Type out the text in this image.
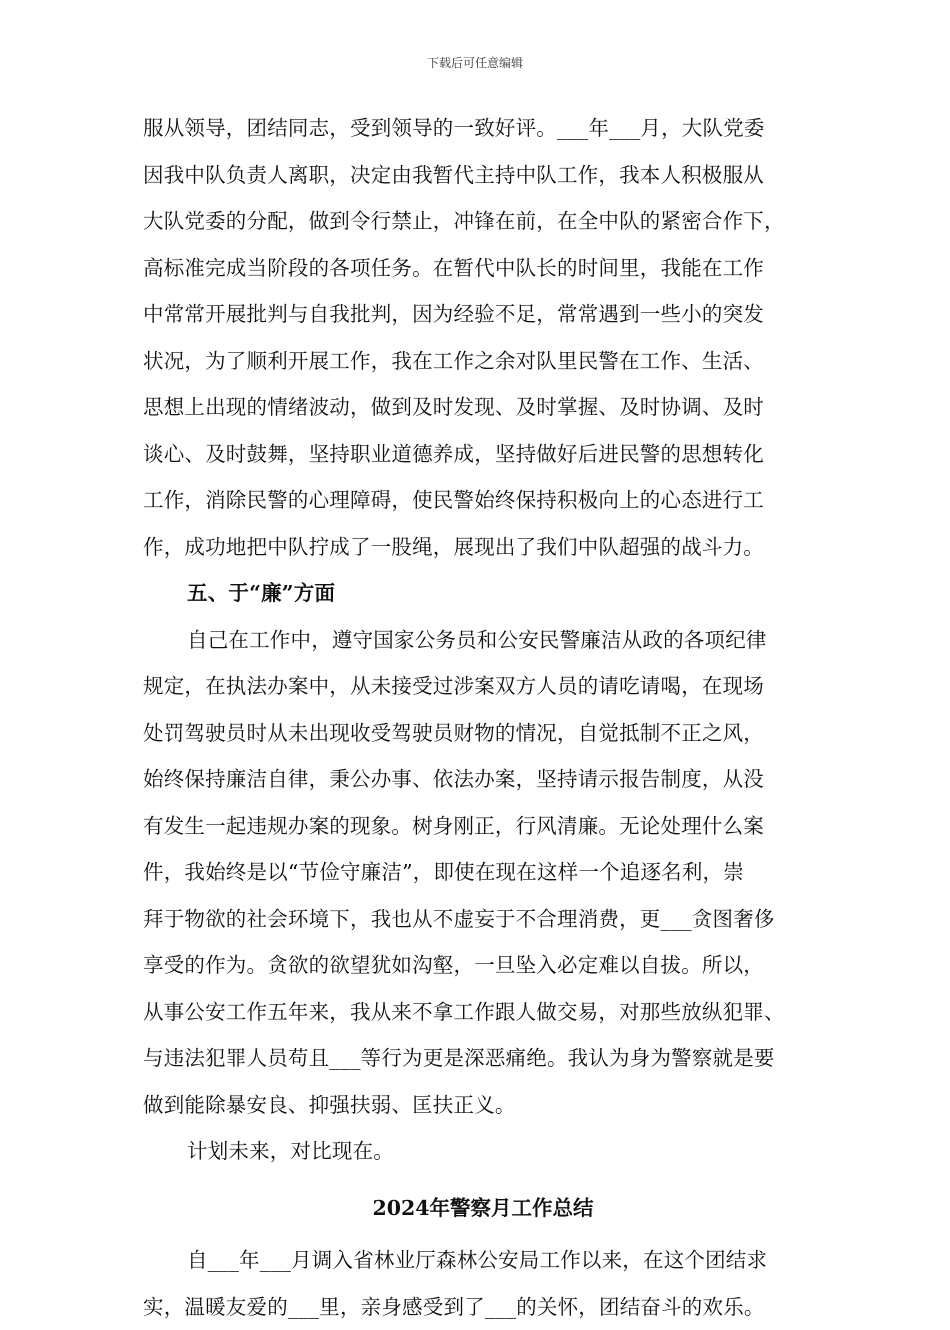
下载后可任意编辑
服从领导，团结同志，受到领导的一致好评。___年___月，大队党委
因我中队负责人离职，决定由我暂代主持中队工作，我本人积极服从
大队党委的分配，做到令行禁止，冲锋在前，在全中队的紧密合作下，
高标准完成当阶段的各项任务。在暂代中队长的时间里，我能在工作
中常常开展批判与自我批判，因为经验不足，常常遇到一些小的突发
状况，为了顺利开展工作，我在工作之余对队里民警在工作、生活、
思想上出现的情绪波动，做到及时发现、及时掌握、及时协调、及时
谈心、及时鼓舞，坚持职业道德养成，坚持做好后进民警的思想转化
工作，消除民警的心理障碍，使民警始终保持积极向上的心态进行工
作，成功地把中队拧成了一股绳，展现出了我们中队超强的战斗力。
五、于“廉”方面
自己在工作中，遵守国家公务员和公安民警廉洁从政的各项纪律
规定，在执法办案中，从未接受过涉案双方人员的请吃请喝，在现场
处罚驾驶员时从未出现收受驾驶员财物的情况，自觉抵制不正之风，
始终保持廉洁自律，秉公办事、依法办案，坚持请示报告制度，从没
有发生一起违规办案的现象。树身刚正，行风清廉。无论处理什么案
件，我始终是以“节俭守廉洁”，即使在现在这样一个追逐名利，崇
拜于物欲的社会环境下，我也从不虚妄于不合理消费，更___贪图奢侈
享受的作为。贪欲的欲望犹如沟壑，一旦坠入必定难以自拔。所以，
从事公安工作五年来，我从来不拿工作跟人做交易，对那些放纵犯罪、
与违法犯罪人员苟且___等行为更是深恶痛绝。我认为身为警察就是要
做到能除暴安良、抑强扶弱、匡扶正义。
计划未来，对比现在。
2024年警察月工作总结
自___年___月调入省林业厅森林公安局工作以来，在这个团结求
实，温暖友爱的___里，亲身感受到了___的关怀，团结奋斗的欢乐。
